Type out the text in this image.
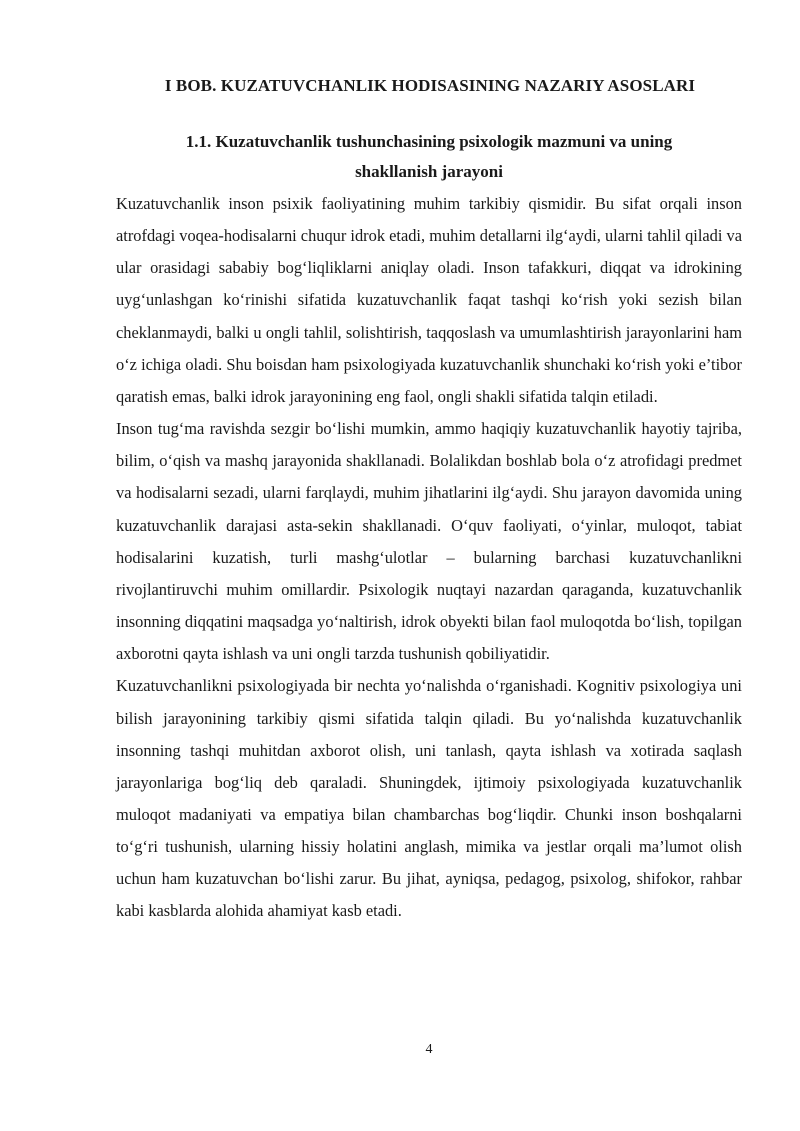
I BOB. KUZATUVCHANLIK HODISASINING NAZARIY ASOSLARI
1.1. Kuzatuvchanlik tushunchasining psixologik mazmuni va uning
shakllanish jarayoni

Kuzatuvchanlik inson psixik faoliyatining muhim tarkibiy qismidir. Bu sifat orqali inson atrofdagi voqea-hodisalarni chuqur idrok etadi, muhim detallarni ilg‘aydi, ularni tahlil qiladi va ular orasidagi sababiy bog‘liqliklarni aniqlay oladi. Inson tafakkuri, diqqat va idrokining uyg‘unlashgan ko‘rinishi sifatida kuzatuvchanlik faqat tashqi ko‘rish yoki sezish bilan cheklanmaydi, balki u ongli tahlil, solishtirish, taqqoslash va umumlashtirish jarayonlarini ham o‘z ichiga oladi. Shu boisdan ham psixologiyada kuzatuvchanlik shunchaki ko‘rish yoki e’tibor qaratish emas, balki idrok jarayonining eng faol, ongli shakli sifatida talqin etiladi.

Inson tug‘ma ravishda sezgir bo‘lishi mumkin, ammo haqiqiy kuzatuvchanlik hayotiy tajriba, bilim, o‘qish va mashq jarayonida shakllanadi. Bolalikdan boshlab bola o‘z atrofidagi predmet va hodisalarni sezadi, ularni farqlaydi, muhim jihatlarini ilg‘aydi. Shu jarayon davomida uning kuzatuvchanlik darajasi asta-sekin shakllanadi. O‘quv faoliyati, o‘yinlar, muloqot, tabiat hodisalarini kuzatish, turli mashg‘ulotlar – bularning barchasi kuzatuvchanlikni rivojlantiruvchi muhim omillardir. Psixologik nuqtayi nazardan qaraganda, kuzatuvchanlik insonning diqqatini maqsadga yo‘naltirish, idrok obyekti bilan faol muloqotda bo‘lish, topilgan axborotni qayta ishlash va uni ongli tarzda tushunish qobiliyatidir.

Kuzatuvchanlikni psixologiyada bir nechta yo‘nalishda o‘rganishadi. Kognitiv psixologiya uni bilish jarayonining tarkibiy qismi sifatida talqin qiladi. Bu yo‘nalishda kuzatuvchanlik insonning tashqi muhitdan axborot olish, uni tanlash, qayta ishlash va xotirada saqlash jarayonlariga bog‘liq deb qaraladi. Shuningdek, ijtimoiy psixologiyada kuzatuvchanlik muloqot madaniyati va empatiya bilan chambarchas bog‘liqdir. Chunki inson boshqalarni to‘g‘ri tushunish, ularning hissiy holatini anglash, mimika va jestlar orqali ma’lumot olish uchun ham kuzatuvchan bo‘lishi zarur. Bu jihat, ayniqsa, pedagog, psixolog, shifokor, rahbar kabi kasblarda alohida ahamiyat kasb etadi.

4
